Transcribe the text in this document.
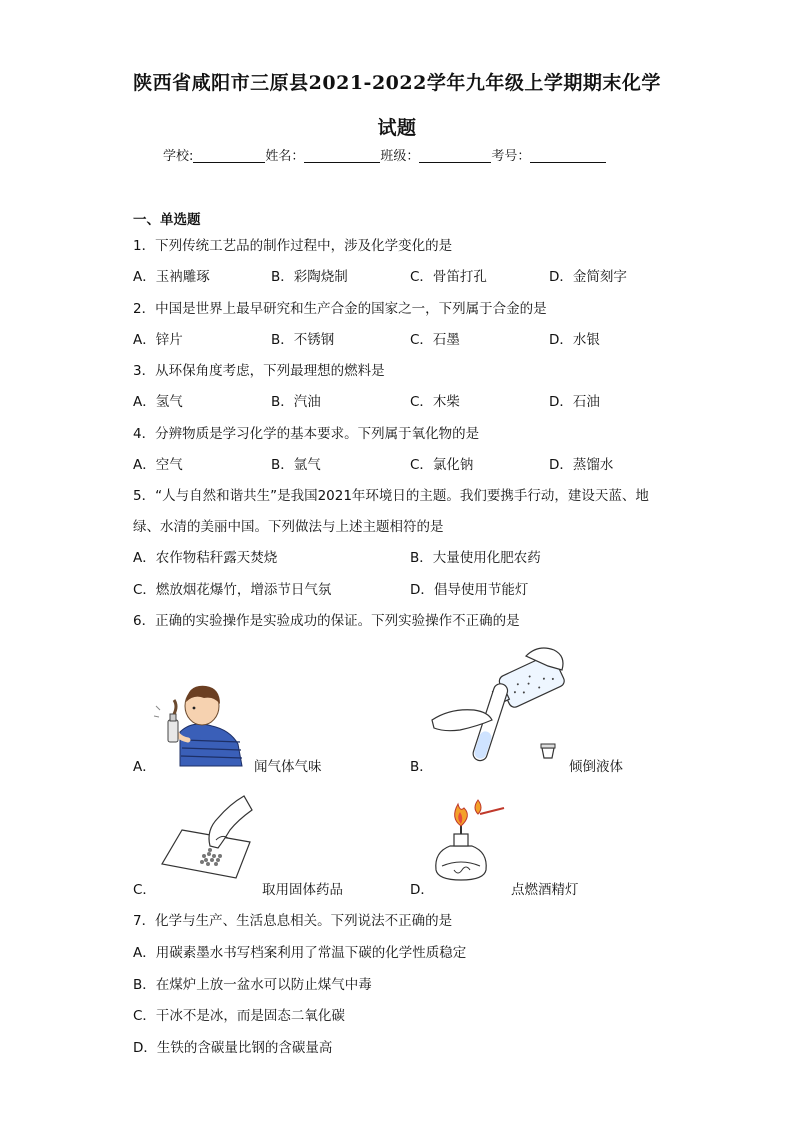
陕西省咸阳市三原县2021-2022学年九年级上学期期末化学
试题
学校:	姓名：	班级：	考号：
一、单选题
1．下列传统工艺品的制作过程中，涉及化学变化的是
A．玉衲雕琢	B．彩陶烧制	C．骨笛打孔	D．金简刻字
2．中国是世界上最早研究和生产合金的国家之一，下列属于合金的是
A．锌片	B．不锈钢	C．石墨	D．水银
3．从环保角度考虑，下列最理想的燃料是
A．氢气	B．汽油	C．木柴	D．石油
4．分辨物质是学习化学的基本要求。下列属于氧化物的是
A．空气	B．氩气	C．氯化钠	D．蒸馏水
5．“人与自然和谐共生”是我国2021年环境日的主题。我们要携手行动，建设天蓝、地
绿、水清的美丽中国。下列做法与上述主题相符的是
A．农作物秸秆露天焚烧	B．大量使用化肥农药
C．燃放烟花爆竹，增添节日气氛	D．倡导使用节能灯
6．正确的实验操作是实验成功的保证。下列实验操作不正确的是
A．	闻气体气味	B．	倾倒液体
C．	取用固体药品	D．	点燃酒精灯
7．化学与生产、生活息息相关。下列说法不正确的是
A．用碳素墨水书写档案利用了常温下碳的化学性质稳定
B．在煤炉上放一盆水可以防止煤气中毒
C．干冰不是冰，而是固态二氧化碳
D．生铁的含碳量比钢的含碳量高
